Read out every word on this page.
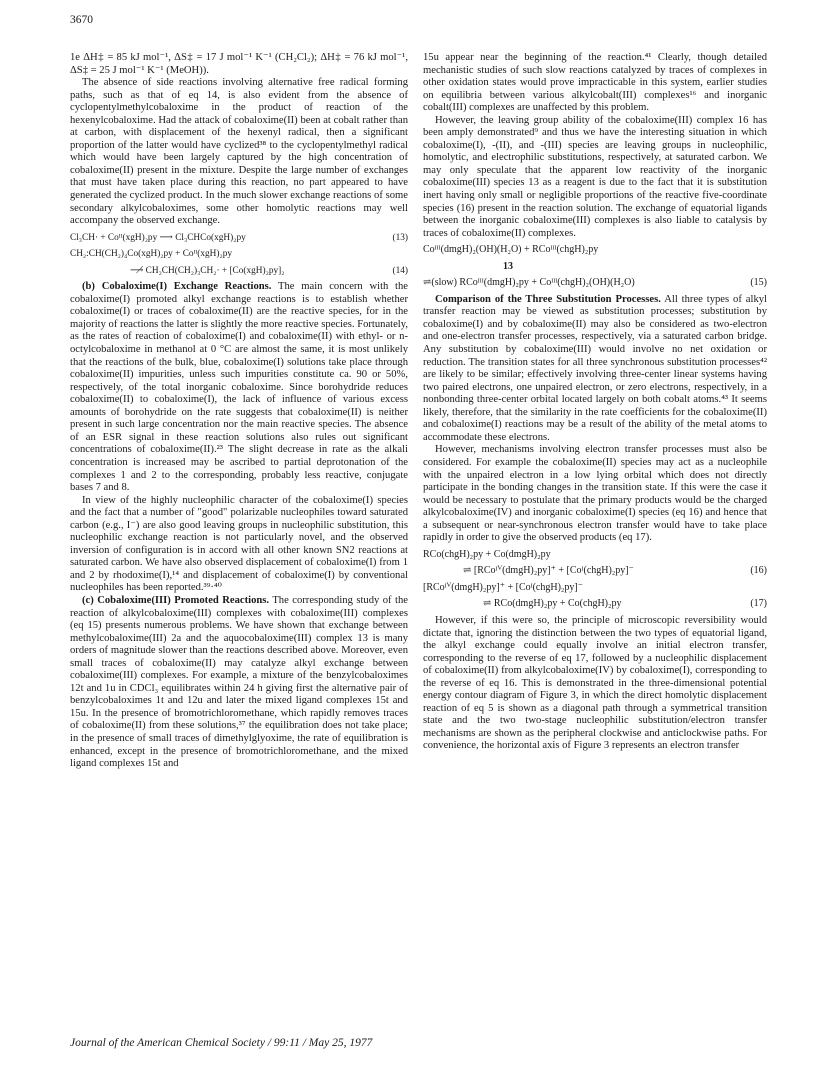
3670

1e ΔH‡ = 85 kJ mol⁻¹, ΔS‡ = 17 J mol⁻¹ K⁻¹ (CH₂Cl₂); ΔH‡ = 76 kJ mol⁻¹, ΔS‡ = 25 J mol⁻¹ K⁻¹ (MeOH)).

The absence of side reactions involving alternative free radical forming paths, such as that of eq 14, is also evident from the absence of cyclopentylmethylcobaloxime in the product of reaction of the hexenylcobaloxime. Had the attack of cobaloxime(II) been at cobalt rather than at carbon, with displacement of the hexenyl radical, then a significant proportion of the latter would have cyclized³⁸ to the cyclopentylmethyl radical which would have been largely captured by the high concentration of cobaloxime(II) present in the mixture. Despite the large number of exchanges that must have taken place during this reaction, no part appeared to have generated the cyclized product. In the much slower exchange reactions of some secondary alkylcobaloximes, some other homolytic reactions may well accompany the observed exchange.

Cl₃CH· + Coᴵᴵ(xgH)₂py ⟶ Cl₃CHCo(xgH)₂py	(13)
CH₂:CH(CH₂)₄Co(xgH)₂py + Coᴵᴵ(xgH)₂py
⟶̸ CH₂CH(CH₂)₃CH₂· + [Co(xgH)₂py]₂	(14)

(b) Cobaloxime(I) Exchange Reactions. The main concern with the cobaloxime(I) promoted alkyl exchange reactions is to establish whether cobaloxime(I) or traces of cobaloxime(II) are the reactive species, for in the majority of reactions the latter is slightly the more reactive species. Fortunately, as the rates of reaction of cobaloxime(I) and cobaloxime(II) with ethyl- or n-octylcobaloxime in methanol at 0 °C are almost the same, it is most unlikely that the reactions of the bulk, blue, cobaloxime(I) solutions take place through cobaloxime(II) impurities, unless such impurities constitute ca. 90 or 50%, respectively, of the total inorganic cobaloxime. Since borohydride reduces cobaloxime(II) to cobaloxime(I), the lack of influence of various excess amounts of borohydride on the rate suggests that cobaloxime(II) is neither present in such large concentration nor the main reactive species. The absence of an ESR signal in these reaction solutions also rules out significant concentrations of cobaloxime(II).²³ The slight decrease in rate as the alkali concentration is increased may be ascribed to partial deprotonation of the complexes 1 and 2 to the corresponding, probably less reactive, conjugate bases 7 and 8.

In view of the highly nucleophilic character of the cobaloxime(I) species and the fact that a number of "good" polarizable nucleophiles toward saturated carbon (e.g., I⁻) are also good leaving groups in nucleophilic substitution, this nucleophilic exchange reaction is not particularly novel, and the observed inversion of configuration is in accord with all other known SN2 reactions at saturated carbon. We have also observed displacement of cobaloxime(I) from 1 and 2 by rhodoxime(I),¹⁴ and displacement of cobaloxime(I) by conventional nucleophiles has been reported.³⁹·⁴⁰

(c) Cobaloxime(III) Promoted Reactions. The corresponding study of the reaction of alkylcobaloxime(III) complexes with cobaloxime(III) complexes (eq 15) presents numerous problems. We have shown that exchange between methylcobaloxime(III) 2a and the aquocobaloxime(III) complex 13 is many orders of magnitude slower than the reactions described above. Moreover, even small traces of cobaloxime(II) may catalyze alkyl exchange between cobaloxime(III) complexes. For example, a mixture of the benzylcobaloximes 12t and 1u in CDCl₃ equilibrates within 24 h giving first the alternative pair of benzylcobaloximes 1t and 12u and later the mixed ligand complexes 15t and 15u. In the presence of bromotrichloromethane, which rapidly removes traces of cobaloxime(II) from these solutions,³⁷ the equilibration does not take place; in the presence of small traces of dimethylglyoxime, the rate of equilibration is enhanced, except in the presence of bromotrichloromethane, and the mixed ligand complexes 15t and

15u appear near the beginning of the reaction.⁴¹ Clearly, though detailed mechanistic studies of such slow reactions catalyzed by traces of complexes in other oxidation states would prove impracticable in this system, earlier studies on equilibria between various alkylcobalt(III) complexes¹⁶ and inorganic cobalt(III) complexes are unaffected by this problem.

However, the leaving group ability of the cobaloxime(III) complex 16 has been amply demonstrated⁹ and thus we have the interesting situation in which cobaloxime(I), -(II), and -(III) species are leaving groups in nucleophilic, homolytic, and electrophilic substitutions, respectively, at saturated carbon. We may only speculate that the apparent low reactivity of the inorganic cobaloxime(III) species 13 as a reagent is due to the fact that it is substitution inert having only small or negligible proportions of the reactive five-coordinate species (16) present in the reaction solution. The exchange of equatorial ligands between the inorganic cobaloxime(III) complexes is also liable to catalysis by traces of cobaloxime(II) complexes.

Coᴵᴵᴵ(dmgH)₂(OH)(H₂O) + RCoᴵᴵᴵ(chgH)₂py
13
⇌(slow) RCoᴵᴵᴵ(dmgH)₂py + Coᴵᴵᴵ(chgH)₂(OH)(H₂O)	(15)

Comparison of the Three Substitution Processes. All three types of alkyl transfer reaction may be viewed as substitution processes; substitution by cobaloxime(I) and by cobaloxime(II) may also be considered as two-electron and one-electron transfer processes, respectively, via a saturated carbon bridge. Any substitution by cobaloxime(III) would involve no net oxidation or reduction. The transition states for all three synchronous substitution processes⁴² are likely to be similar; effectively involving three-center linear systems having two paired electrons, one unpaired electron, or zero electrons, respectively, in a nonbonding three-center orbital located largely on both cobalt atoms.⁴³ It seems likely, therefore, that the similarity in the rate coefficients for the cobaloxime(II) and cobaloxime(I) reactions may be a result of the ability of the metal atoms to accommodate these electrons.

However, mechanisms involving electron transfer processes must also be considered. For example the cobaloxime(II) species may act as a nucleophile with the unpaired electron in a low lying orbital which does not directly participate in the bonding changes in the transition state. If this were the case it would be necessary to postulate that the primary products would be the charged alkylcobaloxime(IV) and inorganic cobaloxime(I) species (eq 16) and hence that a subsequent or near-synchronous electron transfer would have to take place rapidly in order to give the observed products (eq 17).

RCo(chgH)₂py + Co(dmgH)₂py
⇌ [RCoᴵⱽ(dmgH)₂py]⁺ + [Coᴵ(chgH)₂py]⁻	(16)
[RCoᴵⱽ(dmgH)₂py]⁺ + [Coᴵ(chgH)₂py]⁻
⇌ RCo(dmgH)₂py + Co(chgH)₂py	(17)

However, if this were so, the principle of microscopic reversibility would dictate that, ignoring the distinction between the two types of equatorial ligand, the alkyl exchange could equally involve an initial electron transfer, corresponding to the reverse of eq 17, followed by a nucleophilic displacement of cobaloxime(II) from alkylcobaloxime(IV) by cobaloxime(I), corresponding to the reverse of eq 16. This is demonstrated in the three-dimensional potential energy contour diagram of Figure 3, in which the direct homolytic displacement reaction of eq 5 is shown as a diagonal path through a symmetrical transition state and the two two-stage nucleophilic substitution/electron transfer mechanisms are shown as the peripheral clockwise and anticlockwise paths. For convenience, the horizontal axis of Figure 3 represents an electron transfer

Journal of the American Chemical Society / 99:11 / May 25, 1977
